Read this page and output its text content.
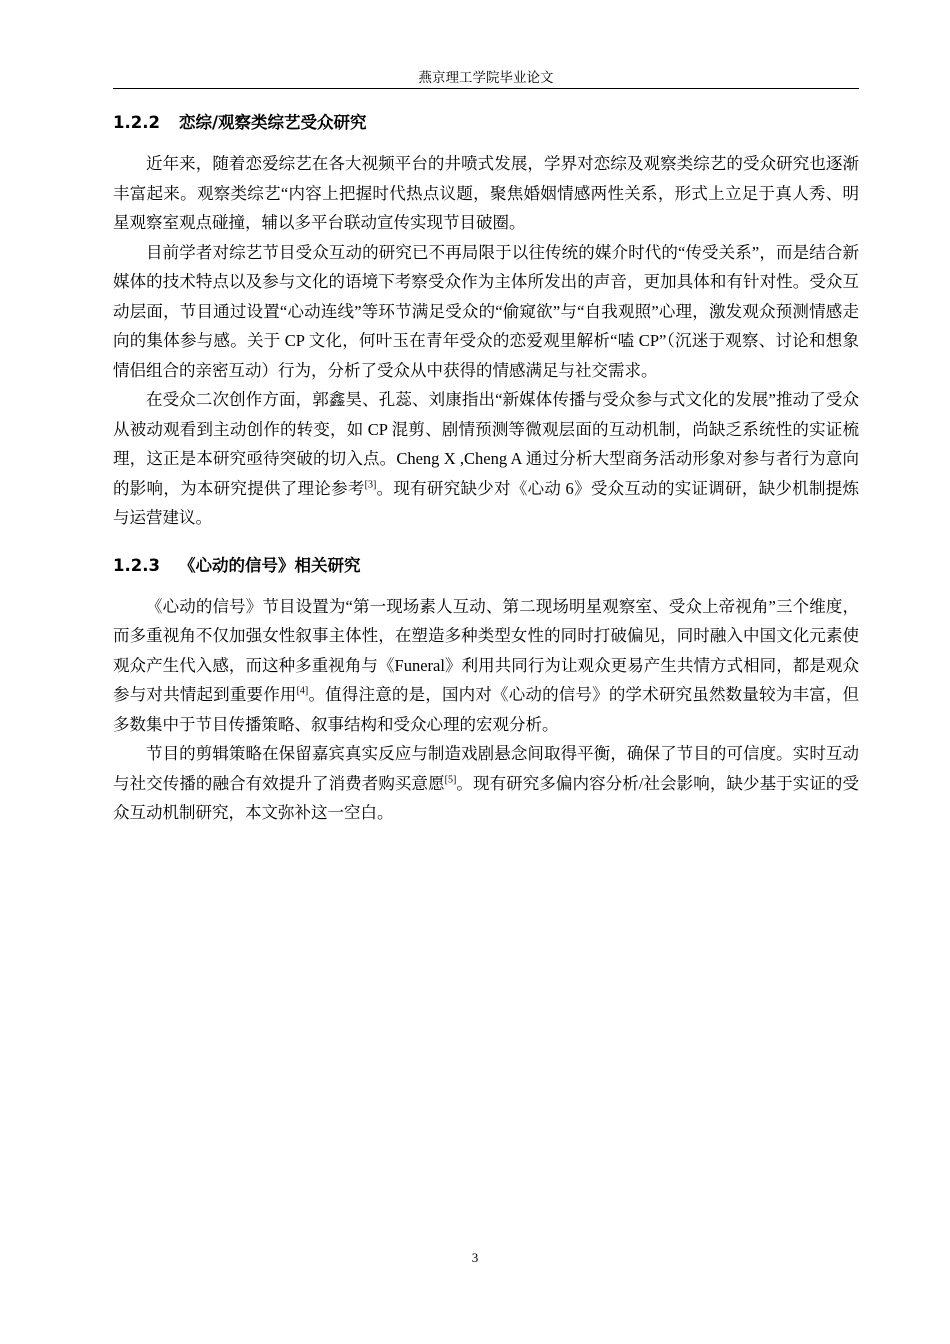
燕京理工学院毕业论文
1.2.2	恋综/观察类综艺受众研究

近年来，随着恋爱综艺在各大视频平台的井喷式发展，学界对恋综及观察类综艺的受众研究也逐渐丰富起来。观察类综艺“内容上把握时代热点议题，聚焦婚姻情感两性关系，形式上立足于真人秀、明星观察室观点碰撞，辅以多平台联动宣传实现节目破圈。

目前学者对综艺节目受众互动的研究已不再局限于以往传统的媒介时代的“传受关系”，而是结合新媒体的技术特点以及参与文化的语境下考察受众作为主体所发出的声音，更加具体和有针对性。受众互动层面，节目通过设置“心动连线”等环节满足受众的“偷窥欲”与“自我观照”心理，激发观众预测情感走向的集体参与感。关于 CP 文化，何叶玉在青年受众的恋爱观里解析“嗑 CP”（沉迷于观察、讨论和想象情侣组合的亲密互动）行为，分析了受众从中获得的情感满足与社交需求。

在受众二次创作方面，郭鑫昊、孔蕊、刘康指出“新媒体传播与受众参与式文化的发展”推动了受众从被动观看到主动创作的转变，如 CP 混剪、剧情预测等微观层面的互动机制，尚缺乏系统性的实证梳理，这正是本研究亟待突破的切入点。Cheng X ,Cheng A 通过分析大型商务活动形象对参与者行为意向的影响，为本研究提供了理论参考[3]。现有研究缺少对《心动 6》受众互动的实证调研，缺少机制提炼与运营建议。

1.2.3	《心动的信号》相关研究

《心动的信号》节目设置为“第一现场素人互动、第二现场明星观察室、受众上帝视角”三个维度，而多重视角不仅加强女性叙事主体性，在塑造多种类型女性的同时打破偏见，同时融入中国文化元素使观众产生代入感，而这种多重视角与《Funeral》利用共同行为让观众更易产生共情方式相同，都是观众参与对共情起到重要作用[4]。值得注意的是，国内对《心动的信号》的学术研究虽然数量较为丰富，但多数集中于节目传播策略、叙事结构和受众心理的宏观分析。

节目的剪辑策略在保留嘉宾真实反应与制造戏剧悬念间取得平衡，确保了节目的可信度。实时互动与社交传播的融合有效提升了消费者购买意愿[5]。现有研究多偏内容分析/社会影响，缺少基于实证的受众互动机制研究，本文弥补这一空白。

3
